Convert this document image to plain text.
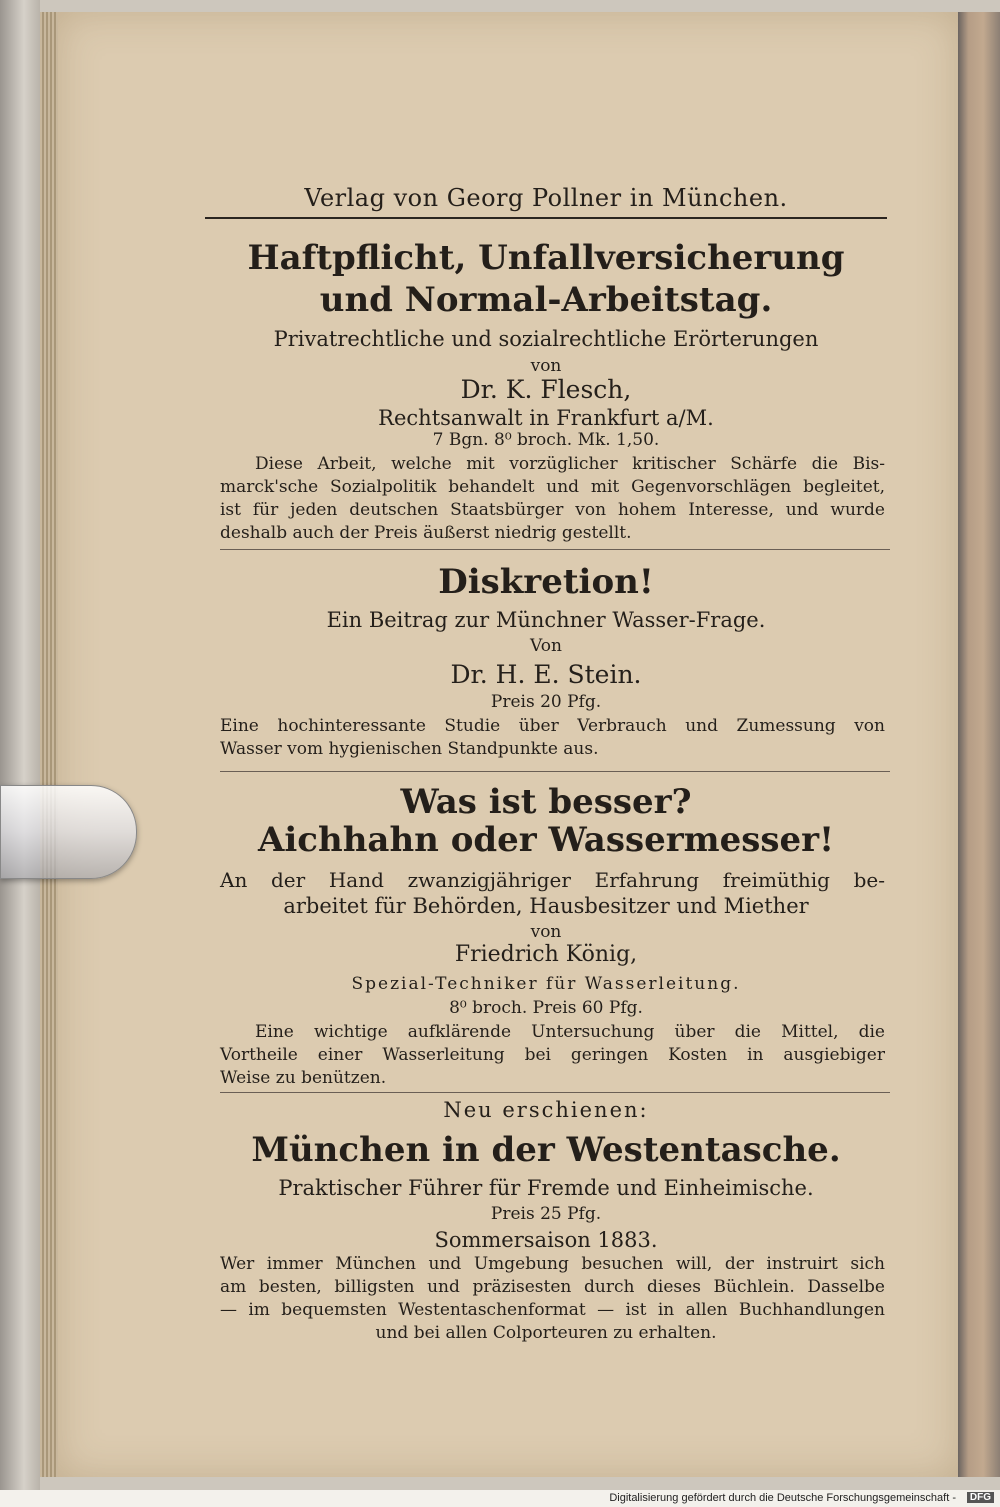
Verlag von Georg Pollner in München.
Haftpflicht, Unfallversicherung
und Normal-Arbeitstag.
Privatrechtliche und sozialrechtliche Erörterungen
von
Dr. K. Flesch,
Rechtsanwalt in Frankfurt a/M.
7 Bgn. 8⁰ broch. Mk. 1,50.
Diese Arbeit, welche mit vorzüglicher kritischer Schärfe die Bis-
marck'sche Sozialpolitik behandelt und mit Gegenvorschlägen begleitet,
ist für jeden deutschen Staatsbürger von hohem Interesse, und wurde
deshalb auch der Preis äußerst niedrig gestellt.
Diskretion!
Ein Beitrag zur Münchner Wasser-Frage.
Von
Dr. H. E. Stein.
Preis 20 Pfg.
Eine hochinteressante Studie über Verbrauch und Zumessung von
Wasser vom hygienischen Standpunkte aus.
Was ist besser?
Aichhahn oder Wassermesser!
An der Hand zwanzigjähriger Erfahrung freimüthig be-
arbeitet für Behörden, Hausbesitzer und Miether
von
Friedrich König,
Spezial-Techniker für Wasserleitung.
8⁰ broch. Preis 60 Pfg.
Eine wichtige aufklärende Untersuchung über die Mittel, die
Vortheile einer Wasserleitung bei geringen Kosten in ausgiebiger
Weise zu benützen.
Neu erschienen:
München in der Westentasche.
Praktischer Führer für Fremde und Einheimische.
Preis 25 Pfg.
Sommersaison 1883.
Wer immer München und Umgebung besuchen will, der instruirt sich
am besten, billigsten und präzisesten durch dieses Büchlein. Dasselbe
— im bequemsten Westentaschenformat — ist in allen Buchhandlungen
und bei allen Colporteuren zu erhalten.
Digitalisierung gefördert durch die Deutsche Forschungsgemeinschaft -	DFG
